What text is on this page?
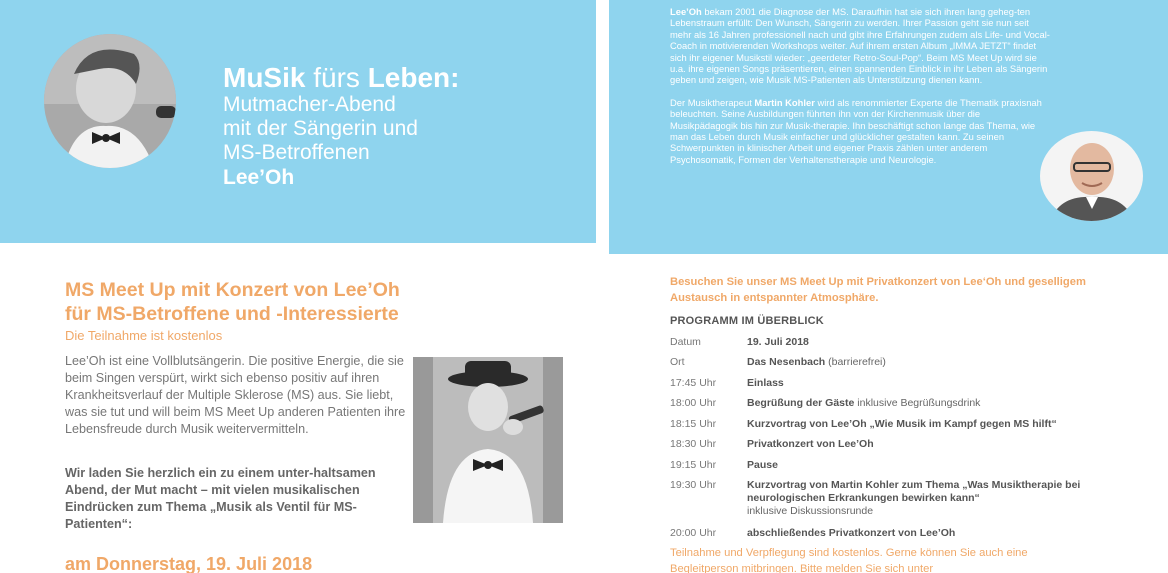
MuSik fürs Leben:
Mutmacher-Abend
mit der Sängerin und
MS-Betroffenen
Lee’Oh

Lee’Oh bekam 2001 die Diagnose der MS. Daraufhin hat sie sich ihren lang geheg-ten Lebenstraum erfüllt: Den Wunsch, Sängerin zu werden. Ihrer Passion geht sie nun seit mehr als 16 Jahren professionell nach und gibt ihre Erfahrungen zudem als Life- und Vocal-Coach in motivierenden Workshops weiter. Auf ihrem ersten Album „IMMA JETZT“ findet sich ihr eigener Musikstil wieder: „geerdeter Retro-Soul-Pop“. Beim MS Meet Up wird sie u.a. ihre eigenen Songs präsentieren, einen spannenden Einblick in ihr Leben als Sängerin geben und zeigen, wie Musik MS-Patienten als Unterstützung dienen kann.

Der Musiktherapeut Martin Kohler wird als renommierter Experte die Thematik praxisnah beleuchten. Seine Ausbildungen führten ihn von der Kirchenmusik über die Musikpädagogik bis hin zur Musik-therapie. Ihn beschäftigt schon lange das Thema, wie man das Leben durch Musik einfacher und glücklicher gestalten kann. Zu seinen Schwerpunkten in klinischer Arbeit und eigener Praxis zählen unter anderem Psychosomatik, Formen der Verhaltenstherapie und Neurologie.

MS Meet Up mit Konzert von Lee’Oh
für MS-Betroffene und -Interessierte
Die Teilnahme ist kostenlos
Lee’Oh ist eine Vollblutsängerin. Die positive Energie, die sie beim Singen verspürt, wirkt sich ebenso positiv auf ihren Krankheitsverlauf der Multiple Sklerose (MS) aus. Sie liebt, was sie tut und will beim MS Meet Up anderen Patienten ihre Lebensfreude durch Musik weitervermitteln.
Wir laden Sie herzlich ein zu einem unter-haltsamen Abend, der Mut macht – mit vielen musikalischen Eindrücken zum Thema „Musik als Ventil für MS-Patienten“:
am Donnerstag, 19. Juli 2018
Besuchen Sie unser MS Meet Up mit Privatkonzert von Lee‘Oh und geselligem Austausch in entspannter Atmosphäre.
PROGRAMM IM ÜBERBLICK
Datum	19. Juli 2018
Ort	Das Nesenbach (barrierefrei)
17:45 Uhr	Einlass
18:00 Uhr	Begrüßung der Gäste inklusive Begrüßungsdrink
18:15 Uhr	Kurzvortrag von Lee’Oh „Wie Musik im Kampf gegen MS hilft“
18:30 Uhr	Privatkonzert von Lee’Oh
19:15 Uhr	Pause
19:30 Uhr	Kurzvortrag von Martin Kohler zum Thema „Was Musiktherapie bei neurologischen Erkrankungen bewirken kann“
inklusive Diskussionsrunde
20:00 Uhr	abschließendes Privatkonzert von Lee’Oh
Teilnahme und Verpflegung sind kostenlos. Gerne können Sie auch eine Begleitperson mitbringen. Bitte melden Sie sich unter
